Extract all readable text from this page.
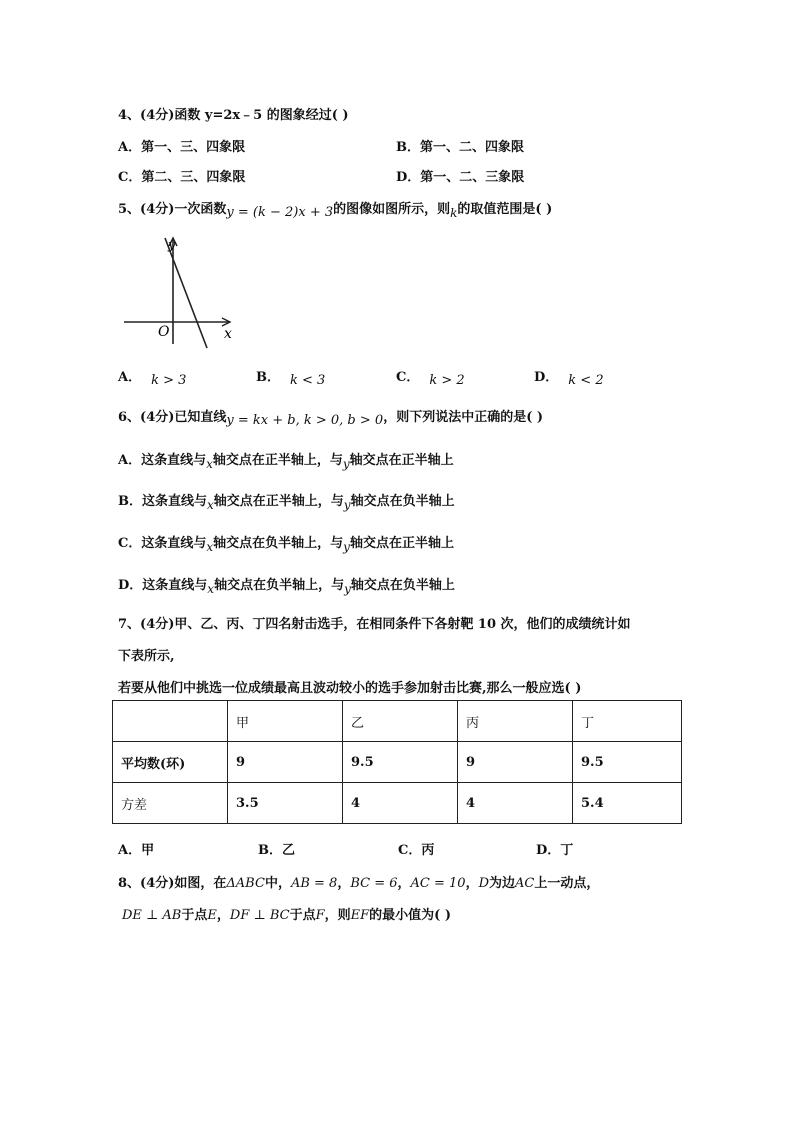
4、(4分)函数 y=2x﹣5 的图象经过( )
A．第一、三、四象限	B．第一、二、四象限
C．第二、三、四象限	D．第一、二、三象限
5、(4分)一次函数y = (k − 2)x + 3的图像如图所示，则k的取值范围是( )
y
x
O
A． k > 3	B． k < 3	C． k > 2	D． k < 2
6、(4分)已知直线y = kx + b, k > 0, b > 0，则下列说法中正确的是( )
A．这条直线与x轴交点在正半轴上，与y轴交点在正半轴上
B．这条直线与x轴交点在正半轴上，与y轴交点在负半轴上
C．这条直线与x轴交点在负半轴上，与y轴交点在正半轴上
D．这条直线与x轴交点在负半轴上，与y轴交点在负半轴上
7、(4分)甲、乙、丙、丁四名射击选手，在相同条件下各射靶 10 次，他们的成绩统计如
下表所示,
若要从他们中挑选一位成绩最高且波动较小的选手参加射击比赛,那么一般应选( )
	甲	乙	丙	丁
平均数(环)	9	9.5	9	9.5
方差	3.5	4	4	5.4
A．甲	B．乙	C．丙	D．丁
8、(4分)如图，在ΔABC中，AB = 8，BC = 6，AC = 10，D为边AC上一动点，
DE ⊥ AB于点E，DF ⊥ BC于点F，则EF的最小值为( )
